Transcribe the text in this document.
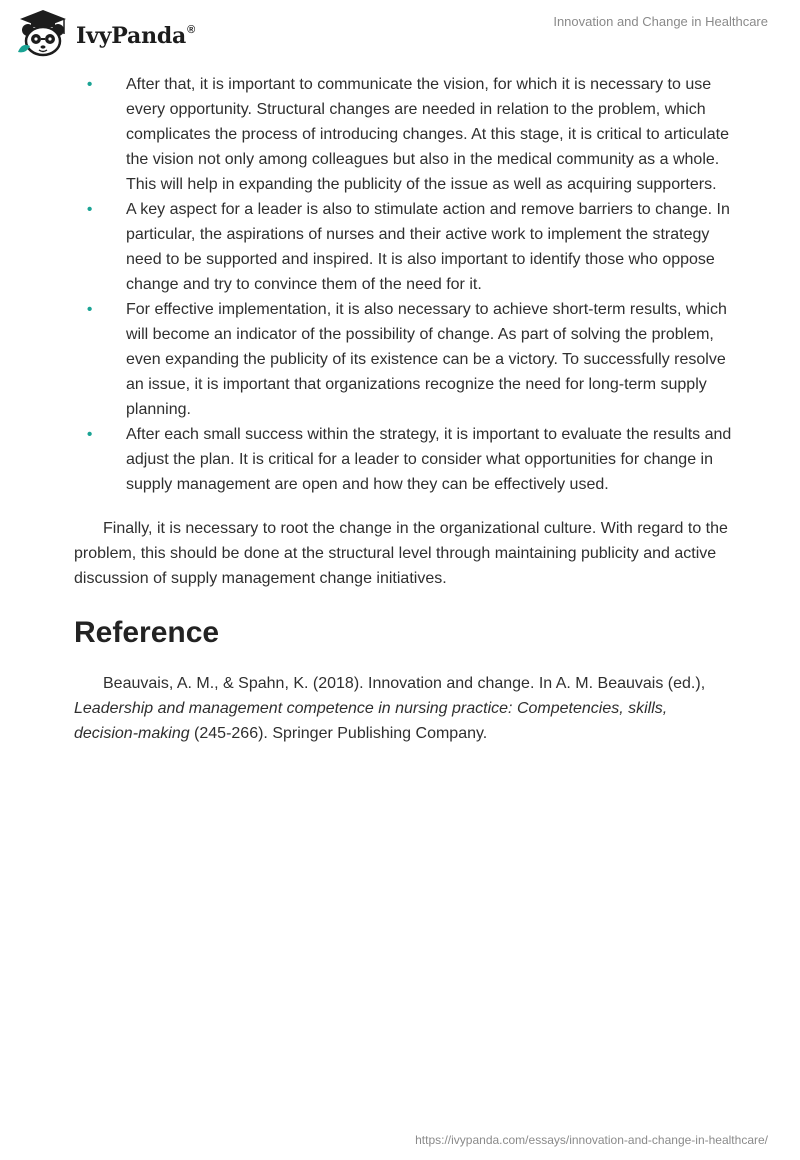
IvyPanda®
Innovation and Change in Healthcare
• After that, it is important to communicate the vision, for which it is necessary to use every opportunity. Structural changes are needed in relation to the problem, which complicates the process of introducing changes. At this stage, it is critical to articulate the vision not only among colleagues but also in the medical community as a whole. This will help in expanding the publicity of the issue as well as acquiring supporters.
• A key aspect for a leader is also to stimulate action and remove barriers to change. In particular, the aspirations of nurses and their active work to implement the strategy need to be supported and inspired. It is also important to identify those who oppose change and try to convince them of the need for it.
• For effective implementation, it is also necessary to achieve short-term results, which will become an indicator of the possibility of change. As part of solving the problem, even expanding the publicity of its existence can be a victory. To successfully resolve an issue, it is important that organizations recognize the need for long-term supply planning.
• After each small success within the strategy, it is important to evaluate the results and adjust the plan. It is critical for a leader to consider what opportunities for change in supply management are open and how they can be effectively used.

Finally, it is necessary to root the change in the organizational culture. With regard to the problem, this should be done at the structural level through maintaining publicity and active discussion of supply management change initiatives.

Reference

Beauvais, A. M., & Spahn, K. (2018). Innovation and change. In A. M. Beauvais (ed.), Leadership and management competence in nursing practice: Competencies, skills, decision-making (245-266). Springer Publishing Company.

https://ivypanda.com/essays/innovation-and-change-in-healthcare/
